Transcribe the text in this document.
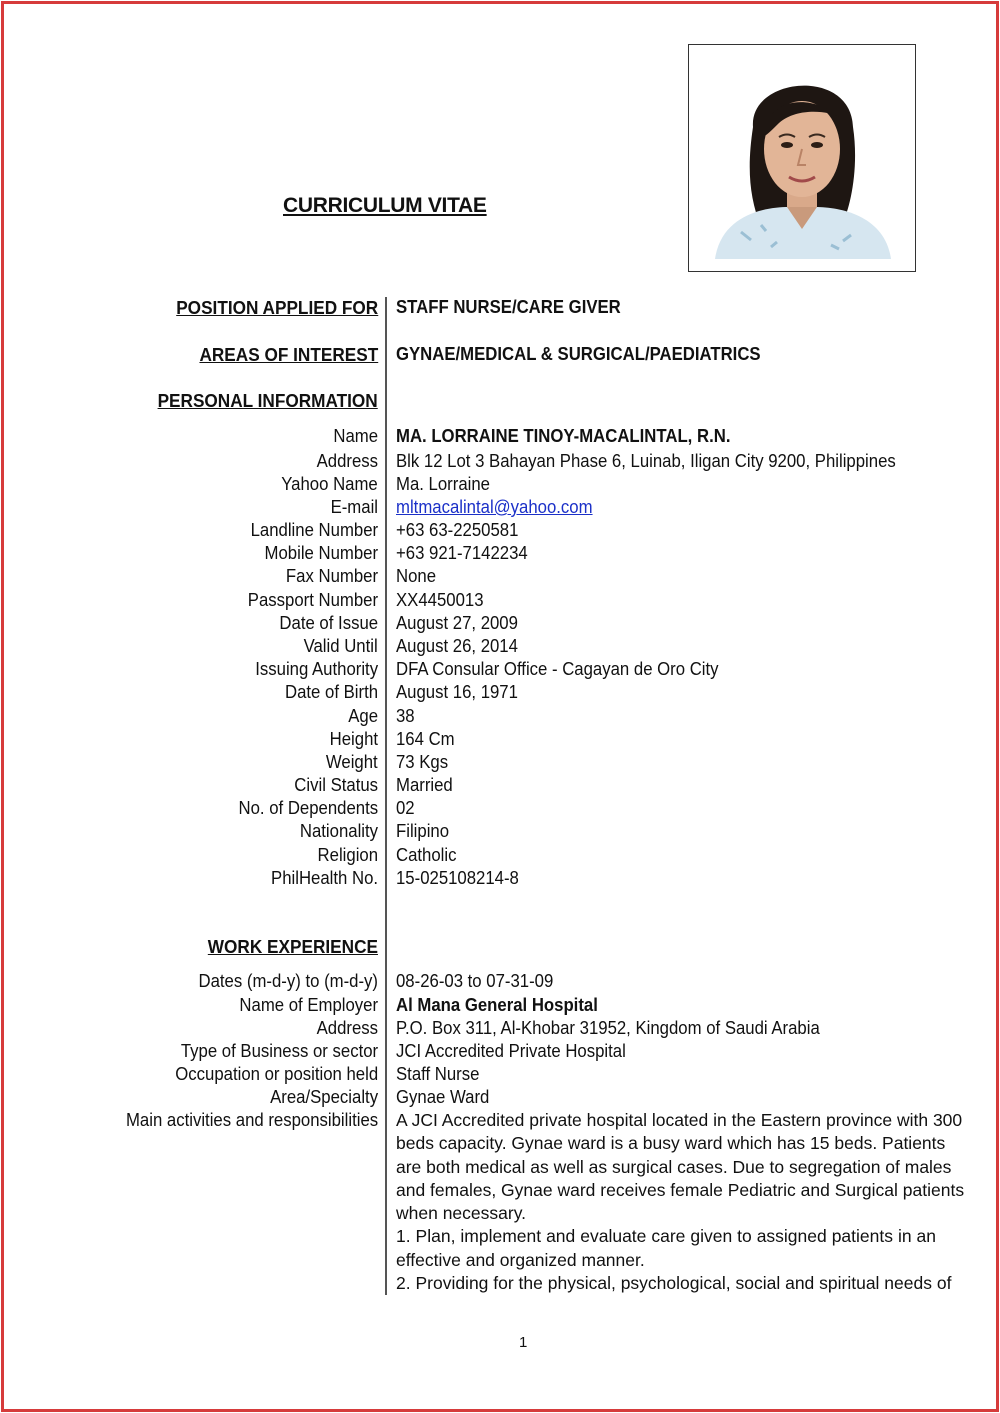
CURRICULUM VITAE
POSITION APPLIED FOR STAFF NURSE/CARE GIVER
AREAS OF INTEREST GYNAE/MEDICAL & SURGICAL/PAEDIATRICS
PERSONAL INFORMATION
Name MA. LORRAINE TINOY-MACALINTAL, R.N.
Address Blk 12 Lot 3 Bahayan Phase 6, Luinab, Iligan City 9200, Philippines
Yahoo Name Ma. Lorraine
E-mail mltmacalintal@yahoo.com
Landline Number +63 63-2250581
Mobile Number +63 921-7142234
Fax Number None
Passport Number XX4450013
Date of Issue August 27, 2009
Valid Until August 26, 2014
Issuing Authority DFA Consular Office - Cagayan de Oro City
Date of Birth August 16, 1971
Age 38
Height 164 Cm
Weight 73 Kgs
Civil Status Married
No. of Dependents 02
Nationality Filipino
Religion Catholic
PhilHealth No. 15-025108214-8
WORK EXPERIENCE
Dates (m-d-y) to (m-d-y) 08-26-03 to 07-31-09
Name of Employer Al Mana General Hospital
Address P.O. Box 311, Al-Khobar 31952, Kingdom of Saudi Arabia
Type of Business or sector JCI Accredited Private Hospital
Occupation or position held Staff Nurse
Area/Specialty Gynae Ward
Main activities and responsibilities A JCI Accredited private hospital located in the Eastern province with 300
beds capacity. Gynae ward is a busy ward which has 15 beds. Patients
are both medical as well as surgical cases. Due to segregation of males
and females, Gynae ward receives female Pediatric and Surgical patients
when necessary.
1. Plan, implement and evaluate care given to assigned patients in an
effective and organized manner.
2. Providing for the physical, psychological, social and spiritual needs of
1
